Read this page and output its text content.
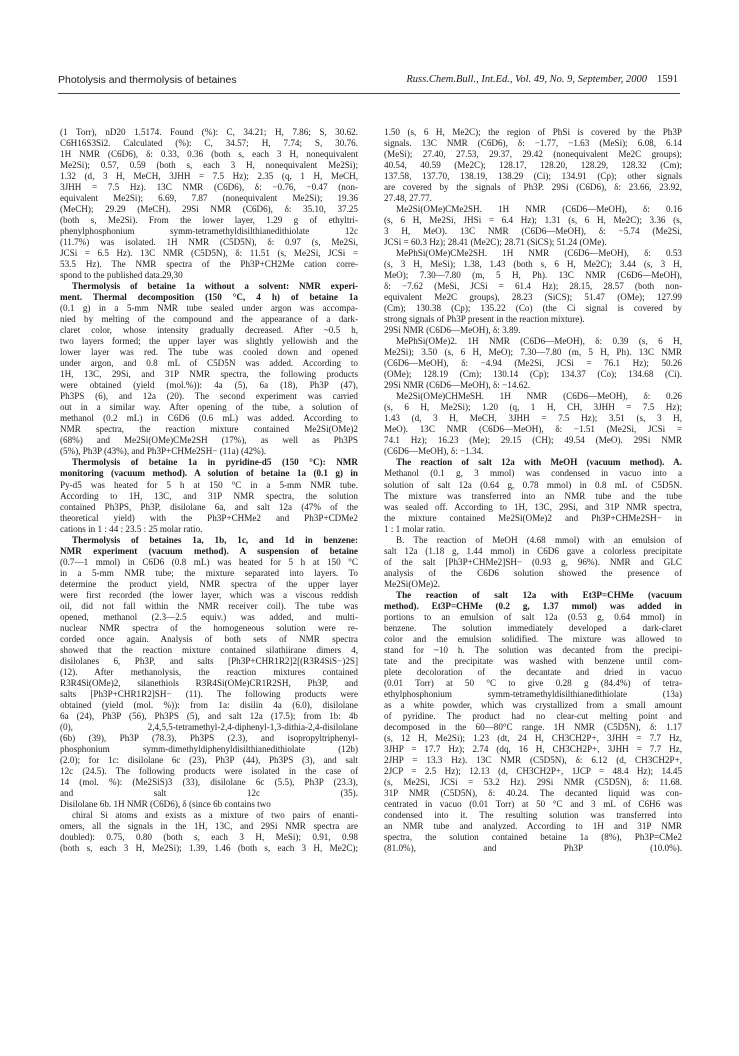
Photolysis and thermolysis of betaines	Russ.Chem.Bull., Int.Ed., Vol. 49, No. 9, September, 2000 1591
(1 Torr), nD20 1.5174. Found (%): C, 34.21; H, 7.86; S, 30.62.
C6H16S3Si2. Calculated (%): C, 34.57; H, 7.74; S, 30.76.
1H NMR (C6D6), δ: 0.33, 0.36 (both s, each 3 H, nonequivalent
Me2Si); 0.57, 0.59 (both s, each 3 H, nonequivalent Me2Si);
1.32 (d, 3 H, MeCH, 3JHH = 7.5 Hz); 2.35 (q, 1 H, MeCH,
3JHH = 7.5 Hz). 13C NMR (C6D6), δ: −0.76, −0.47 (non-
equivalent Me2Si); 6.69, 7.87 (nonequivalent Me2Si); 19.36
(MeCH); 29.29 (MeCH). 29Si NMR (C6D6), δ: 35.10, 37.25
(both s, Me2Si). From the lower layer, 1.29 g of ethyltri-
phenylphosphonium symm-tetramethyldisilthianedithiolate 12c
(11.7%) was isolated. 1H NMR (C5D5N), δ: 0.97 (s, Me2Si,
JCSi = 6.5 Hz). 13C NMR (C5D5N), δ: 11.51 (s, Me2Si, JCSi =
53.5 Hz). The NMR spectra of the Ph3P+CH2Me cation corre-
spond to the published data.29,30
Thermolysis of betaine 1a without a solvent: NMR experi-
ment. Thermal decomposition (150 °C, 4 h) of betaine 1a
(0.1 g) in a 5-mm NMR tube sealed under argon was accompa-
nied by melting of the compound and the appearance of a dark-
claret color, whose intensity gradually decreased. After ~0.5 h,
two layers formed; the upper layer was slightly yellowish and the
lower layer was red. The tube was cooled down and opened
under argon, and 0.8 mL of C5D5N was added. According to
1H, 13C, 29Si, and 31P NMR spectra, the following products
were obtained (yield (mol.%)): 4a (5), 6a (18), Ph3P (47),
Ph3PS (6), and 12a (20). The second experiment was carried
out in a similar way. After opening of the tube, a solution of
methanol (0.2 mL) in C6D6 (0.6 mL) was added. According to
NMR spectra, the reaction mixture contained Me2Si(OMe)2
(68%) and Me2Si(OMe)CMe2SH (17%), as well as Ph3PS
(5%), Ph3P (43%), and Ph3P+CHMe2SH− (11a) (42%).
Thermolysis of betaine 1a in pyridine-d5 (150 °C): NMR
monitoring (vacuum method). A solution of betaine 1a (0.1 g) in
Py-d5 was heated for 5 h at 150 °C in a 5-mm NMR tube.
According to 1H, 13C, and 31P NMR spectra, the solution
contained Ph3PS, Ph3P, disilolane 6a, and salt 12a (47% of the
theoretical yield) with the Ph3P+CHMe2 and Ph3P+CDMe2
cations in 1 : 44 : 23.5 : 25 molar ratio.
Thermolysis of betaines 1a, 1b, 1c, and 1d in benzene:
NMR experiment (vacuum method). A suspension of betaine
(0.7—1 mmol) in C6D6 (0.8 mL) was heated for 5 h at 150 °C
in a 5-mm NMR tube; the mixture separated into layers. To
determine the product yield, NMR spectra of the upper layer
were first recorded (the lower layer, which was a viscous reddish
oil, did not fall within the NMR receiver coil). The tube was
opened, methanol (2.3—2.5 equiv.) was added, and multi-
nuclear NMR spectra of the homogeneous solution were re-
corded once again. Analysis of both sets of NMR spectra
showed that the reaction mixture contained silathiirane dimers 4,
disilolanes 6, Ph3P, and salts [Ph3P+CHR1R2]2[(R3R4SiS−)2S]
(12). After methanolysis, the reaction mixtures contained
R3R4Si(OMe)2, silanethiols R3R4Si(OMe)CR1R2SH, Ph3P, and
salts [Ph3P+CHR1R2]SH− (11). The following products were
obtained (yield (mol. %)): from 1a: disilin 4a (6.0), disilolane
6a (24), Ph3P (56), Ph3PS (5), and salt 12a (17.5); from 1b: 4b
(0), 2,4,5,5-tetramethyl-2,4-diphenyl-1,3-dithia-2,4-disilolane
(6b) (39), Ph3P (78.3), Ph3PS (2.3), and isopropyltriphenyl-
phosphonium symm-dimethyldiphenyldisilthianedithiolate (12b)
(2.0); for 1c: disilolane 6c (23), Ph3P (44), Ph3PS (3), and salt
12c (24.5). The following products were isolated in the case of
14 (mol. %): (Me2SiS)3 (33), disilolane 6c (5.5), Ph3P (23.3),
and salt 12c (35).
Disilolane 6b. 1H NMR (C6D6), δ (since 6b contains two
chiral Si atoms and exists as a mixture of two pairs of enanti-
omers, all the signals in the 1H, 13C, and 29Si NMR spectra are
doubled): 0.75, 0.80 (both s, each 3 H, MeSi); 0.91, 0.98
(both s, each 3 H, Me2Si); 1.39, 1.46 (both s, each 3 H, Me2C);
1.50 (s, 6 H, Me2C); the region of PhSi is covered by the Ph3P
signals. 13C NMR (C6D6), δ: −1.77, −1.63 (MeSi); 6.08, 6.14
(MeSi); 27.40, 27.53, 29.37, 29.42 (nonequivalent Me2C groups);
40.54, 40.59 (Me2C); 128.17, 128.20, 128.29, 128.32 (Cm);
137.58, 137.70, 138.19, 138.29 (Ci); 134.91 (Cp); other signals
are covered by the signals of Ph3P. 29Si (C6D6), δ: 23.66, 23.92,
27.48, 27.77.
Me2Si(OMe)CMe2SH. 1H NMR (C6D6—MeOH), δ: 0.16
(s, 6 H, Me2Si, JHSi = 6.4 Hz); 1.31 (s, 6 H, Me2C); 3.36 (s,
3 H, MeO). 13C NMR (C6D6—MeOH), δ: −5.74 (Me2Si,
JCSi = 60.3 Hz); 28.41 (Me2C); 28.71 (SiCS); 51.24 (OMe).
MePhSi(OMe)CMe2SH. 1H NMR (C6D6—MeOH), δ: 0.53
(s, 3 H, MeSi); 1.38, 1.43 (both s, 6 H, Me2C); 3.44 (s, 3 H,
MeO); 7.30—7.80 (m, 5 H, Ph). 13C NMR (C6D6—MeOH),
δ: −7.62 (MeSi, JCSi = 61.4 Hz); 28.15, 28.57 (both non-
equivalent Me2C groups), 28.23 (SiCS); 51.47 (OMe); 127.99
(Cm); 130.38 (Cp); 135.22 (Co) (the Ci signal is covered by
strong signals of Ph3P present in the reaction mixture).
29Si NMR (C6D6—MeOH), δ: 3.89.
MePhSi(OMe)2. 1H NMR (C6D6—MeOH), δ: 0.39 (s, 6 H,
Me2Si); 3.50 (s, 6 H, MeO); 7.30—7.80 (m, 5 H, Ph). 13C NMR
(C6D6—MeOH), δ: −4.94 (Me2Si, JCSi = 76.1 Hz); 50.26
(OMe); 128.19 (Cm); 130.14 (Cp); 134.37 (Co); 134.68 (Ci).
29Si NMR (C6D6—MeOH), δ: −14.62.
Me2Si(OMe)CHMeSH. 1H NMR (C6D6—MeOH), δ: 0.26
(s, 6 H, Me2Si); 1.20 (q, 1 H, CH, 3JHH = 7.5 Hz);
1.43 (d, 3 H, MeCH, 3JHH = 7.5 Hz); 3.51 (s, 3 H,
MeO). 13C NMR (C6D6—MeOH), δ: −1.51 (Me2Si, JCSi =
74.1 Hz); 16.23 (Me); 29.15 (CH); 49.54 (MeO). 29Si NMR
(C6D6—MeOH), δ: −1.34.
The reaction of salt 12a with MeOH (vacuum method). A.
Methanol (0.1 g, 3 mmol) was condensed in vacuo into a
solution of salt 12a (0.64 g, 0.78 mmol) in 0.8 mL of C5D5N.
The mixture was transferred into an NMR tube and the tube
was sealed off. According to 1H, 13C, 29Si, and 31P NMR spectra,
the mixture contained Me2Si(OMe)2 and Ph3P+CHMe2SH− in
1 : 1 molar ratio.
B. The reaction of MeOH (4.68 mmol) with an emulsion of
salt 12a (1.18 g, 1.44 mmol) in C6D6 gave a colorless precipitate
of the salt [Ph3P+CHMe2]SH− (0.93 g, 96%). NMR and GLC
analysis of the C6D6 solution showed the presence of
Me2Si(OMe)2.
The reaction of salt 12a with Et3P=CHMe (vacuum
method). Et3P=CHMe (0.2 g, 1.37 mmol) was added in
portions to an emulsion of salt 12a (0.53 g, 0.64 mmol) in
benzene. The solution immediately developed a dark-claret
color and the emulsion solidified. The mixture was allowed to
stand for ~10 h. The solution was decanted from the precipi-
tate and the precipitate was washed with benzene until com-
plete decoloration of the decantate and dried in vacuo
(0.01 Torr) at 50 °C to give 0.28 g (84.4%) of tetra-
ethylphosphonium symm-tetramethyldisilthianedithiolate (13a)
as a white powder, which was crystallized from a small amount
of pyridine. The product had no clear-cut melting point and
decomposed in the 60—80°C range. 1H NMR (C5D5N), δ: 1.17
(s, 12 H, Me2Si); 1.23 (dt, 24 H, CH3CH2P+, 3JHH = 7.7 Hz,
3JHP = 17.7 Hz); 2.74 (dq, 16 H, CH3CH2P+, 3JHH = 7.7 Hz,
2JHP = 13.3 Hz). 13C NMR (C5D5N), δ: 6.12 (d, CH3CH2P+,
2JCP = 2.5 Hz); 12.13 (d, CH3CH2P+, 1JCP = 48.4 Hz); 14.45
(s, Me2Si, JCSi = 53.2 Hz). 29Si NMR (C5D5N), δ: 11.68.
31P NMR (C5D5N), δ: 40.24. The decanted liquid was con-
centrated in vacuo (0.01 Torr) at 50 °C and 3 mL of C6H6 was
condensed into it. The resulting solution was transferred into
an NMR tube and analyzed. According to 1H and 31P NMR
spectra, the solution contained betaine 1a (8%), Ph3P=CMe2
(81.0%), and Ph3P (10.0%).
